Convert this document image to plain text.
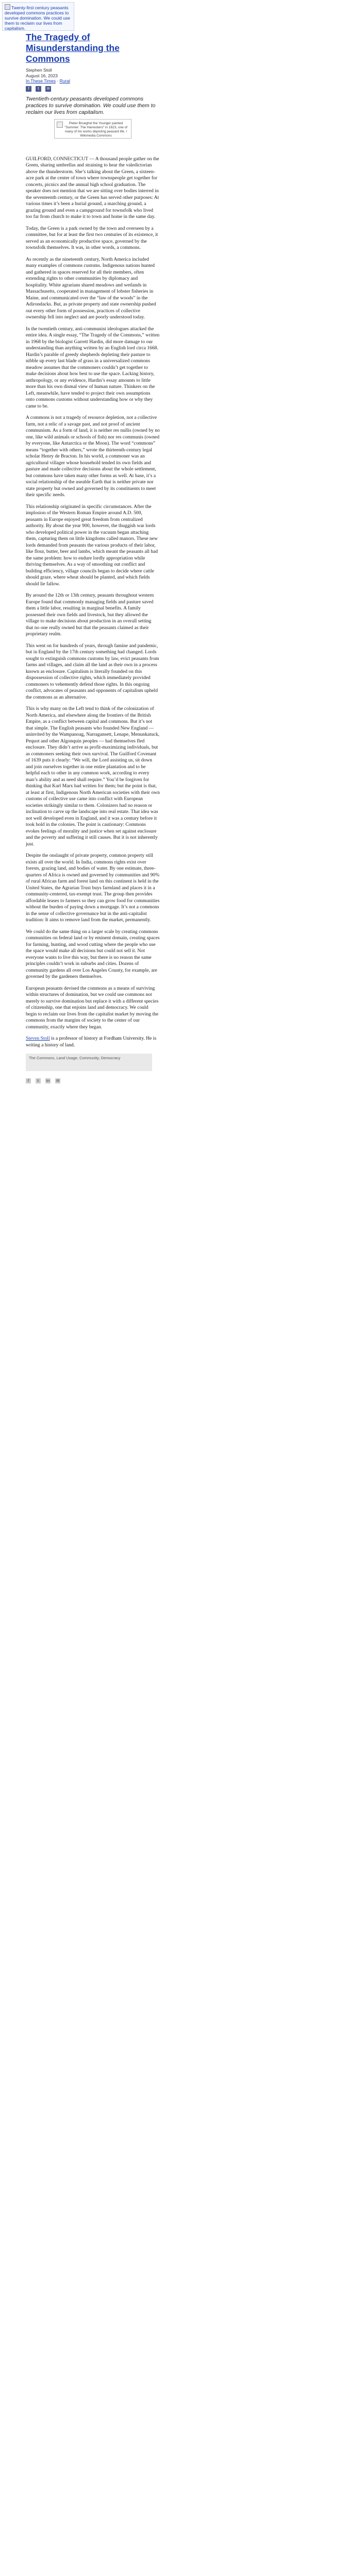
Twenty-first century peasants developed commons practices to survive domination. We could use them to reclaim our lives from capitalism.
The Tragedy of Misunderstanding the Commons
Stephen Stoll
August 16, 2023
In These Times · Rural
f t ✉
Twentieth-century peasants developed commons practices to survive domination. We could use them to reclaim our lives from capitalism.
Pieter Brueghel the Younger painted "Summer: The Harvesters" in 1623, one of many of his works depicting peasant life. / Wikimedia Commons

GUILFORD, CONNECTICUT — A thousand people gather on the Green, sharing umbrellas and straining to hear the valedictorian above the thunderstorm. She’s talking about the Green, a sixteen-acre park at the center of town where townspeople get together for concerts, picnics and the annual high school graduation. The speaker does not mention that we are sitting over bodies interred in the seventeenth century, or the Green has served other purposes: At various times it’s been a burial ground, a marching ground, a grazing ground and even a campground for townsfolk who lived too far from church to make it to town and home in the same day.

Today, the Green is a park owned by the town and overseen by a committee, but for at least the first two centuries of its existence, it served as an economically productive space, governed by the townsfolk themselves. It was, in other words, a commons.

As recently as the nineteenth century, North America included many examples of commons customs. Indigenous nations hunted and gathered in spaces reserved for all their members, often extending rights to other communities by diplomacy and hospitality. White agrarians shared meadows and wetlands in Massachusetts, cooperated in management of lobster fisheries in Maine, and communicated over the “law of the woods” in the Adirondacks. But, as private property and state ownership pushed out every other form of possession, practices of collective ownership fell into neglect and are poorly understood today.

In the twentieth century, anti-communist ideologues attacked the entire idea. A single essay, “The Tragedy of the Commons,” written in 1968 by the biologist Garrett Hardin, did more damage to our understanding than anything written by an English lord circa 1668. Hardin’s parable of greedy shepherds depleting their pasture to nibble up every last blade of grass in a universalized commons meadow assumes that the commoners couldn’t get together to make decisions about how best to use the space. Lacking history, anthropology, or any evidence, Hardin’s essay amounts to little more than his own dismal view of human nature. Thinkers on the Left, meanwhile, have tended to project their own assumptions onto commons customs without understanding how or why they came to be.

A commons is not a tragedy of resource depletion, not a collective farm, not a relic of a savage past, and not proof of ancient communism. As a form of land, it is neither res nullis (owned by no one, like wild animals or schools of fish) nor res communis (owned by everyone, like Antarctica or the Moon). The word “commons” means “together with others,” wrote the thirteenth-century legal scholar Henry de Bracton. In his world, a commoner was an agricultural villager whose household tended its own fields and pasture and made collective decisions about the whole settlement, but commons have taken many other forms as well. At base, it’s a social relationship of the useable Earth that is neither private nor state property but owned and governed by its constituents to meet their specific needs.

This relationship originated in specific circumstances. After the implosion of the Western Roman Empire around A.D. 500, peasants in Europe enjoyed great freedom from centralized authority. By about the year 900, however, the thuggish war lords who developed political power in the vacuum began attaching them, capturing them on little kingdoms called manors. These new lords demanded from peasants the various products of their labor, like flour, butter, beer and lambs, which meant the peasants all had the same problem: how to endure lordly appropriation while thriving themselves. As a way of smoothing out conflict and building efficiency, village councils began to decide where cattle should graze, where wheat should be planted, and which fields should lie fallow.

By around the 12th or 13th century, peasants throughout western Europe found that commonly managing fields and pasture saved them a little labor, resulting in marginal benefits. A family possessed their own fields and livestock, but they allowed the village to make decisions about production in an overall setting that no one really owned but that the peasants claimed as their proprietary realm.

This went on for hundreds of years, through famine and pandemic, but in England by the 17th century something had changed. Lords sought to extinguish commons customs by law, evict peasants from farms and villages, and claim all the land as their own in a process known as enclosure. Capitalism is literally founded on this dispossession of collective rights, which immediately provided commoners to vehemently defend those rights. In this ongoing conflict, advocates of peasants and opponents of capitalism upheld the commons as an alternative.

This is why many on the Left tend to think of the colonization of North America, and elsewhere along the frontiers of the British Empire, as a conflict between capital and commons. But it’s not that simple. The English peasants who founded New England — uninvited by the Wampanoag, Narragansett, Lenape, Menunkatuck, Pequot and other Algonquin peoples — had themselves fled enclosure. They didn’t arrive as profit-maximizing individuals, but as commoners seeking their own survival. The Guilford Covenant of 1639 puts it clearly: “We will, the Lord assisting us, sit down and join ourselves together in one entire plantation and to be helpful each to other in any common work, according to every man’s ability and as need shall require.” You’d be forgiven for thinking that Karl Marx had written for them; but the point is that, at least at first, Indigenous North American societies with their own customs of collective use came into conflict with European societies strikingly similar to them. Colonizers had no reason or inclination to carve up the landscape into real estate. That idea was not well developed even in England, and it was a century before it took hold in the colonies. The point is cautionary: Commons evokes feelings of morality and justice when set against enclosure and the poverty and suffering it still causes. But it is not inherently just.

Despite the onslaught of private property, common property still exists all over the world. In India, commons rights exist over forests, grazing land, and bodies of water. By one estimate, three-quarters of Africa is owned and governed by communities and 90% of rural African farm and forest land on this continent is held in the United States, the Agrarian Trust buys farmland and places it in a community-centered, tax-exempt trust. The group then provides affordable leases to farmers so they can grow food for communities without the burden of paying down a mortgage. It’s not a commons in the sense of collective governance but in the anti-capitalist tradition: It aims to remove land from the market, permanently.

We could do the same thing on a larger scale by creating commons communities on federal land or by eminent domain, creating spaces for farming, hunting, and wood cutting where the people who use the space would make all decisions but could not sell it. Not everyone wants to live this way, but there is no reason the same principles couldn’t work in suburbs and cities. Dozens of community gardens all over Los Angeles County, for example, are governed by the gardeners themselves.

European peasants devised the commons as a means of surviving within structures of domination, but we could use commons not merely to survive domination but replace it with a different species of citizenship, one that enjoins land and democracy. We could begin to reclaim our lives from the capitalist market by moving the commons from the margins of society to the center of our community, exactly where they began.

Steven Stoll is a professor of history at Fordham University. He is writing a history of land.
The Commons, Land Usage, Community, Democracy
f t in ✉
